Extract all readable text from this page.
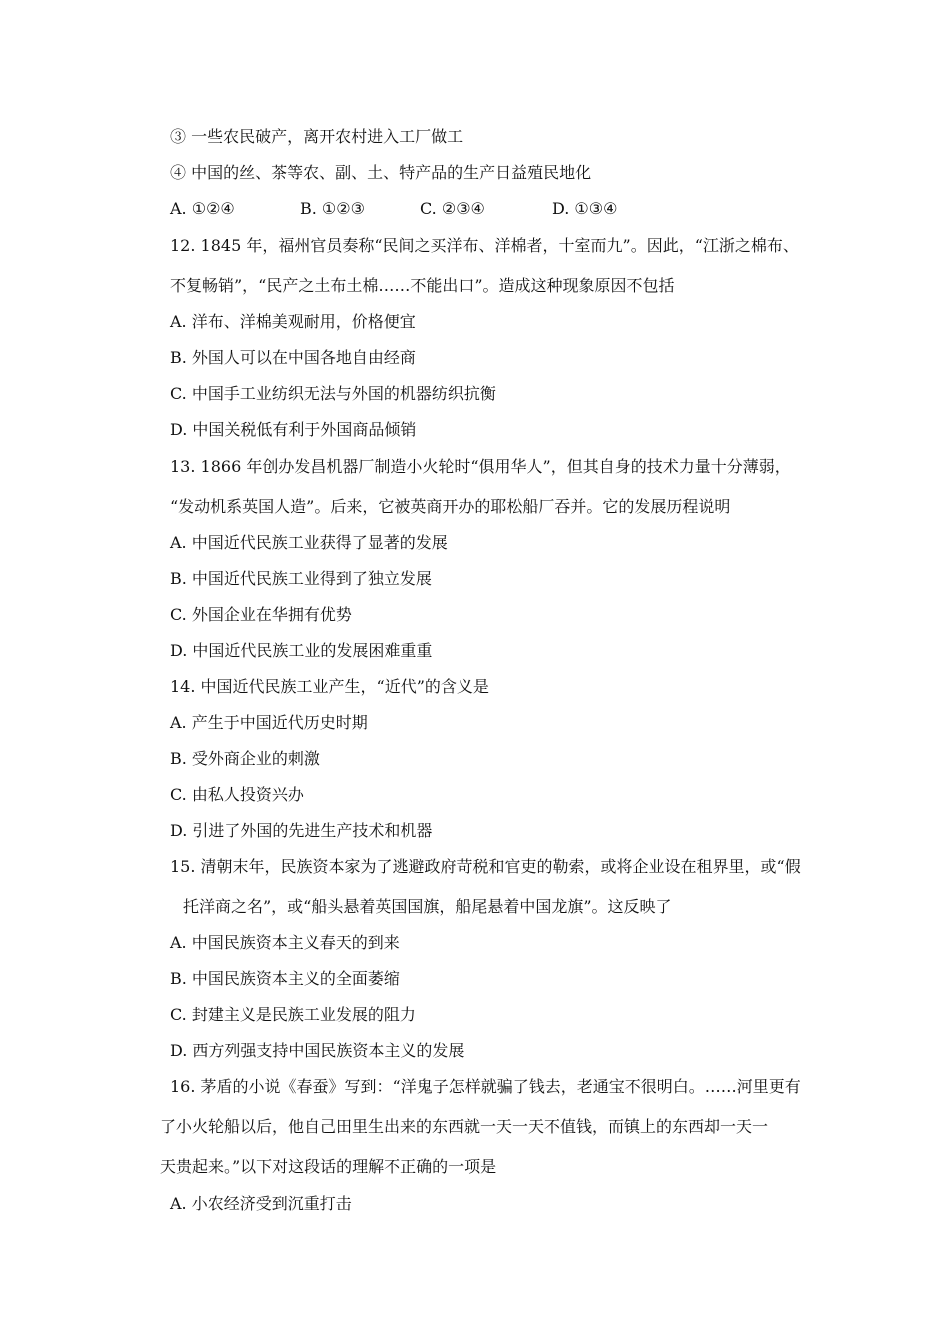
③ 一些农民破产，离开农村进入工厂做工
④ 中国的丝、茶等农、副、土、特产品的生产日益殖民地化
A. ①②④	B. ①②③	C. ②③④	D. ①③④
12. 1845 年，福州官员奏称“民间之买洋布、洋棉者，十室而九”。因此，“江浙之棉布、
不复畅销”，“民产之土布土棉……不能出口”。造成这种现象原因不包括
A. 洋布、洋棉美观耐用，价格便宜
B. 外国人可以在中国各地自由经商
C. 中国手工业纺织无法与外国的机器纺织抗衡
D. 中国关税低有利于外国商品倾销
13. 1866 年创办发昌机器厂制造小火轮时“俱用华人”，但其自身的技术力量十分薄弱，
“发动机系英国人造”。后来，它被英商开办的耶松船厂吞并。它的发展历程说明
A. 中国近代民族工业获得了显著的发展
B. 中国近代民族工业得到了独立发展
C. 外国企业在华拥有优势
D. 中国近代民族工业的发展困难重重
14. 中国近代民族工业产生，“近代”的含义是
A. 产生于中国近代历史时期
B. 受外商企业的刺激
C. 由私人投资兴办
D. 引进了外国的先进生产技术和机器
15. 清朝末年，民族资本家为了逃避政府苛税和官吏的勒索，或将企业设在租界里，或“假
托洋商之名”，或“船头悬着英国国旗，船尾悬着中国龙旗”。这反映了
A. 中国民族资本主义春天的到来
B. 中国民族资本主义的全面萎缩
C. 封建主义是民族工业发展的阻力
D. 西方列强支持中国民族资本主义的发展
16. 茅盾的小说《春蚕》写到：“洋鬼子怎样就骗了钱去，老通宝不很明白。……河里更有
了小火轮船以后，他自己田里生出来的东西就一天一天不值钱，而镇上的东西却一天一
天贵起来。”以下对这段话的理解不正确的一项是
A. 小农经济受到沉重打击
